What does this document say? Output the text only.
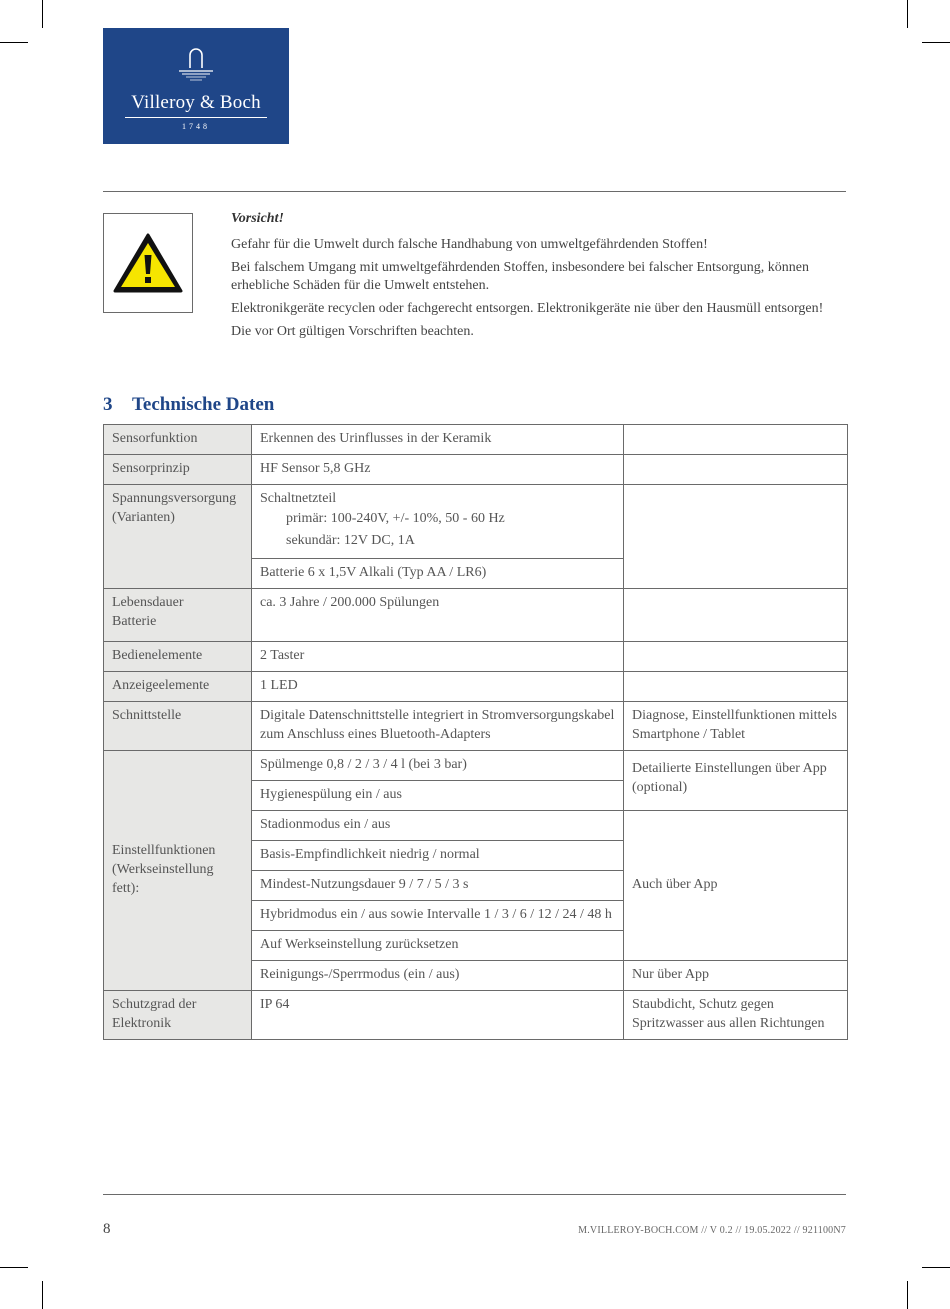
Villeroy & Boch
1748
Vorsicht!

Gefahr für die Umwelt durch falsche Handhabung von umweltgefährdenden Stoffen!

Bei falschem Umgang mit umweltgefährdenden Stoffen, insbesondere bei falscher Entsorgung, können erhebliche Schäden für die Umwelt entstehen.

Elektronikgeräte recyclen oder fachgerecht entsorgen. Elektronikgeräte nie über den Hausmüll entsorgen!

Die vor Ort gültigen Vorschriften beachten.

3 Technische Daten
Sensorfunktion	Erkennen des Urinflusses in der Keramik	
Sensorprinzip	HF Sensor 5,8 GHz	

Spannungsversorgung
(Varianten)	Schaltnetzteil
primär: 100-240V, +/- 10%, 50 - 60 Hz
sekundär: 12V DC, 1A	

	Batterie 6 x 1,5V Alkali (Typ AA / LR6)	

Lebensdauer
Batterie	ca. 3 Jahre / 200.000 Spülungen	
Bedienelemente	2 Taster	
Anzeigeelemente	1 LED	
Schnittstelle	Digitale Datenschnittstelle integriert in Stromversorgungskabel zum Anschluss eines Bluetooth-Adapters	Diagnose, Einstellfunktionen mittels Smartphone / Tablet

Einstellfunktionen
(Werkseinstellung
fett):	Spülmenge 0,8 / 2 / 3 / 4 l (bei 3 bar)	Detailierte Einstellungen über App (optional)
	Hygienespülung ein / aus	
	Stadionmodus ein / aus	Auch über App
	Basis-Empfindlichkeit niedrig / normal	
	Mindest-Nutzungsdauer 9 / 7 / 5 / 3 s	
	Hybridmodus ein / aus sowie Intervalle 1 / 3 / 6 / 12 / 24 / 48 h	
	Auf Werkseinstellung zurücksetzen	
	Reinigungs-/Sperrmodus (ein / aus)	Nur über App

Schutzgrad der
Elektronik	IP 64	Staubdicht, Schutz gegen Spritzwasser aus allen Richtungen
8	M.VILLEROY-BOCH.COM // V 0.2 // 19.05.2022 // 921100N7
